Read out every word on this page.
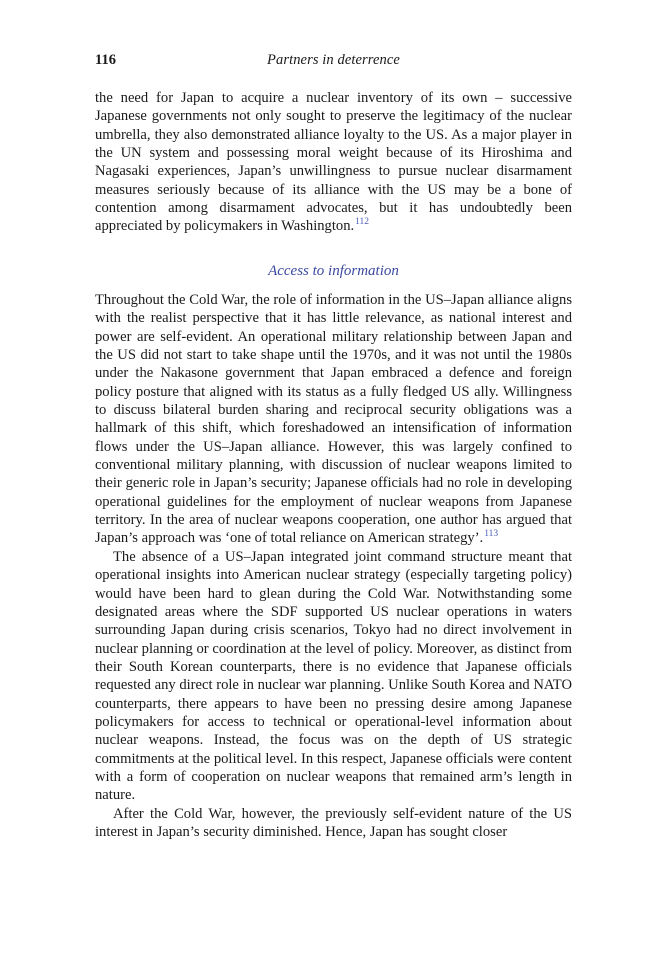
116	Partners in deterrence

the need for Japan to acquire a nuclear inventory of its own – successive Japanese governments not only sought to preserve the legitimacy of the nuclear umbrella, they also demonstrated alliance loyalty to the US. As a major player in the UN system and possessing moral weight because of its Hiroshima and Nagasaki experiences, Japan’s unwillingness to pursue nuclear disarmament measures seriously because of its alliance with the US may be a bone of contention among disarmament advocates, but it has undoubtedly been appreciated by policymakers in Washington.$^{112}$

Access to information

Throughout the Cold War, the role of information in the US–Japan alliance aligns with the realist perspective that it has little relevance, as national interest and power are self-evident. An operational military relationship between Japan and the US did not start to take shape until the 1970s, and it was not until the 1980s under the Nakasone government that Japan embraced a defence and foreign policy posture that aligned with its status as a fully fledged US ally. Willingness to discuss bilateral burden sharing and reciprocal security obligations was a hallmark of this shift, which foreshadowed an intensification of information flows under the US–Japan alliance. However, this was largely confined to conventional military planning, with discussion of nuclear weapons limited to their generic role in Japan’s security; Japanese officials had no role in developing operational guidelines for the employment of nuclear weapons from Japanese territory. In the area of nuclear weapons cooperation, one author has argued that Japan’s approach was ‘one of total reliance on American strategy’.$^{113}$

The absence of a US–Japan integrated joint command structure meant that operational insights into American nuclear strategy (especially targeting policy) would have been hard to glean during the Cold War. Notwithstanding some designated areas where the SDF supported US nuclear operations in waters surrounding Japan during crisis scenarios, Tokyo had no direct involvement in nuclear planning or coordination at the level of policy. Moreover, as distinct from their South Korean counterparts, there is no evidence that Japanese officials requested any direct role in nuclear war planning. Unlike South Korea and NATO counterparts, there appears to have been no pressing desire among Japanese policymakers for access to technical or operational-level information about nuclear weapons. Instead, the focus was on the depth of US strategic commitments at the political level. In this respect, Japanese officials were content with a form of cooperation on nuclear weapons that remained arm’s length in nature.

After the Cold War, however, the previously self-evident nature of the US interest in Japan’s security diminished. Hence, Japan has sought closer
